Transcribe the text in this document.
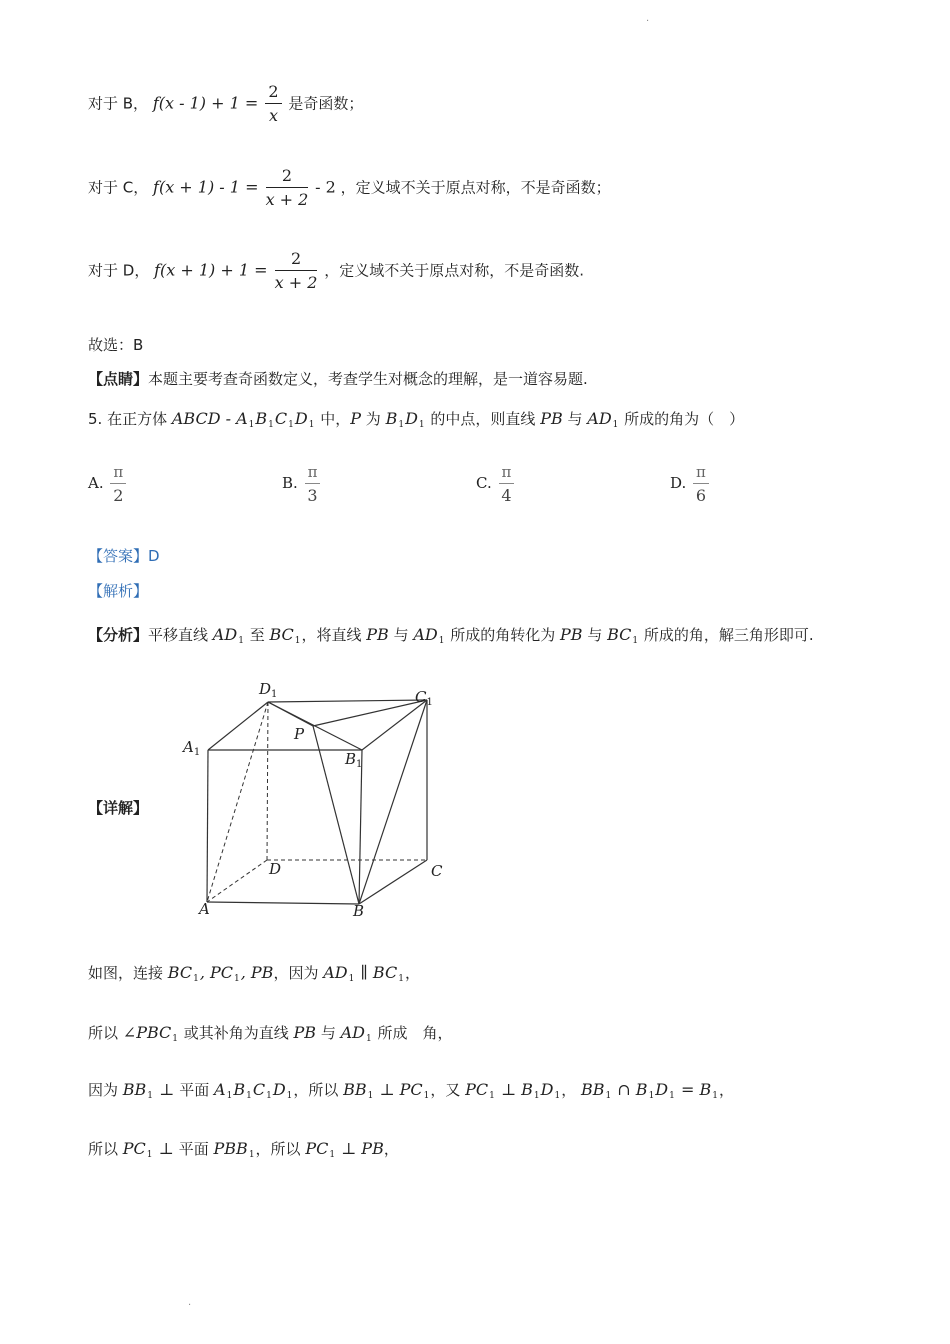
·
对于 B， $f(x - 1) + 1 = \frac{2}{x}$ 是奇函数；
对于 C， $f(x + 1) - 1 = \frac{2}{x + 2} - 2$ ，定义域不关于原点对称，不是奇函数；
对于 D， $f(x + 1) + 1 = \frac{2}{x + 2}$ ，定义域不关于原点对称，不是奇函数.
故选：B
【点睛】本题主要考查奇函数定义，考查学生对概念的理解，是一道容易题.
5. 在正方体 ABCD - $A_1B_1C_1D_1$ 中，P 为 $B_1D_1$ 的中点，则直线 PB 与 $AD_1$ 所成的角为（　）
A. $\frac{\pi}{2}$	B. $\frac{\pi}{3}$	C. $\frac{\pi}{4}$	D. $\frac{\pi}{6}$
【答案】D
【解析】
【分析】平移直线 $AD_1$ 至 $BC_1$，将直线 PB 与 $AD_1$ 所成的角转化为 PB 与 $BC_1$ 所成的角，解三角形即可.
【详解】
$D_1$	$C_1$
$A_1$	$B_1$
P
D	C
A	B
如图，连接 $BC_1$, $PC_1$, PB，因为 $AD_1$ ∥ $BC_1$，
所以 $\angle PBC_1$ 或其补角为直线 PB 与 $AD_1$ 所成　角，
因为 $BB_1$ ⊥ 平面 $A_1B_1C_1D_1$，所以 $BB_1$ ⊥ $PC_1$，又 $PC_1$ ⊥ $B_1D_1$， $BB_1$ ∩ $B_1D_1 = B_1$，
所以 $PC_1$ ⊥ 平面 $PBB_1$，所以 $PC_1$ ⊥ PB，
·
